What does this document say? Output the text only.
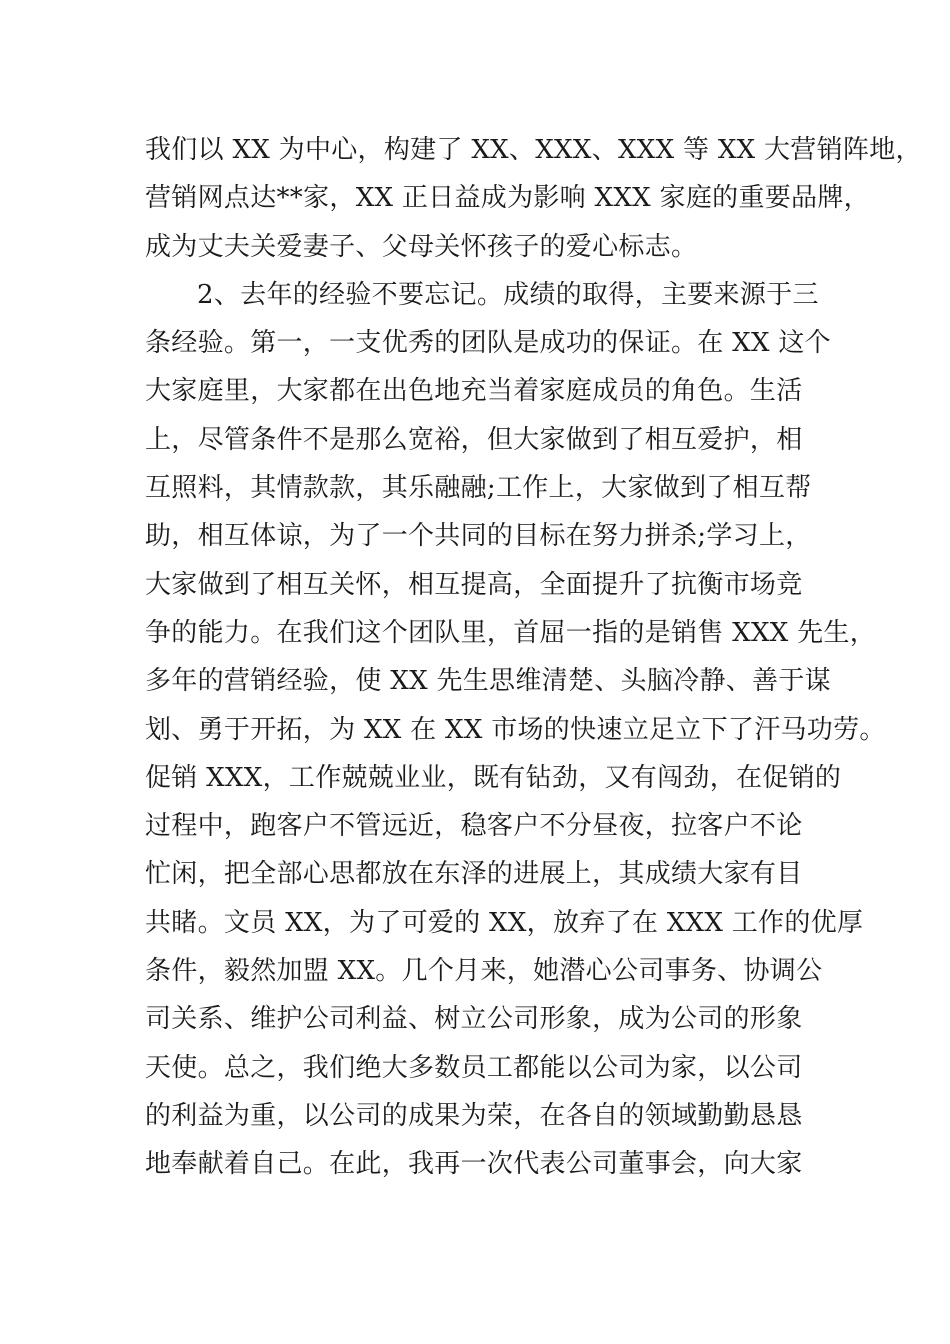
我们以 XX 为中心，构建了 XX、XXX、XXX 等 XX 大营销阵地，
营销网点达**家，XX 正日益成为影响 XXX 家庭的重要品牌，
成为丈夫关爱妻子、父母关怀孩子的爱心标志。
2、去年的经验不要忘记。成绩的取得，主要来源于三
条经验。第一，一支优秀的团队是成功的保证。在 XX 这个
大家庭里，大家都在出色地充当着家庭成员的角色。生活
上，尽管条件不是那么宽裕，但大家做到了相互爱护，相
互照料，其情款款，其乐融融;工作上，大家做到了相互帮
助，相互体谅，为了一个共同的目标在努力拼杀;学习上，
大家做到了相互关怀，相互提高，全面提升了抗衡市场竞
争的能力。在我们这个团队里，首屈一指的是销售 XXX 先生，
多年的营销经验，使 XX 先生思维清楚、头脑冷静、善于谋
划、勇于开拓，为 XX 在 XX 市场的快速立足立下了汗马功劳。
促销 XXX，工作兢兢业业，既有钻劲，又有闯劲，在促销的
过程中，跑客户不管远近，稳客户不分昼夜，拉客户不论
忙闲，把全部心思都放在东泽的进展上，其成绩大家有目
共睹。文员 XX，为了可爱的 XX，放弃了在 XXX 工作的优厚
条件，毅然加盟 XX。几个月来，她潜心公司事务、协调公
司关系、维护公司利益、树立公司形象，成为公司的形象
天使。总之，我们绝大多数员工都能以公司为家，以公司
的利益为重，以公司的成果为荣，在各自的领域勤勤恳恳
地奉献着自己。在此，我再一次代表公司董事会，向大家
